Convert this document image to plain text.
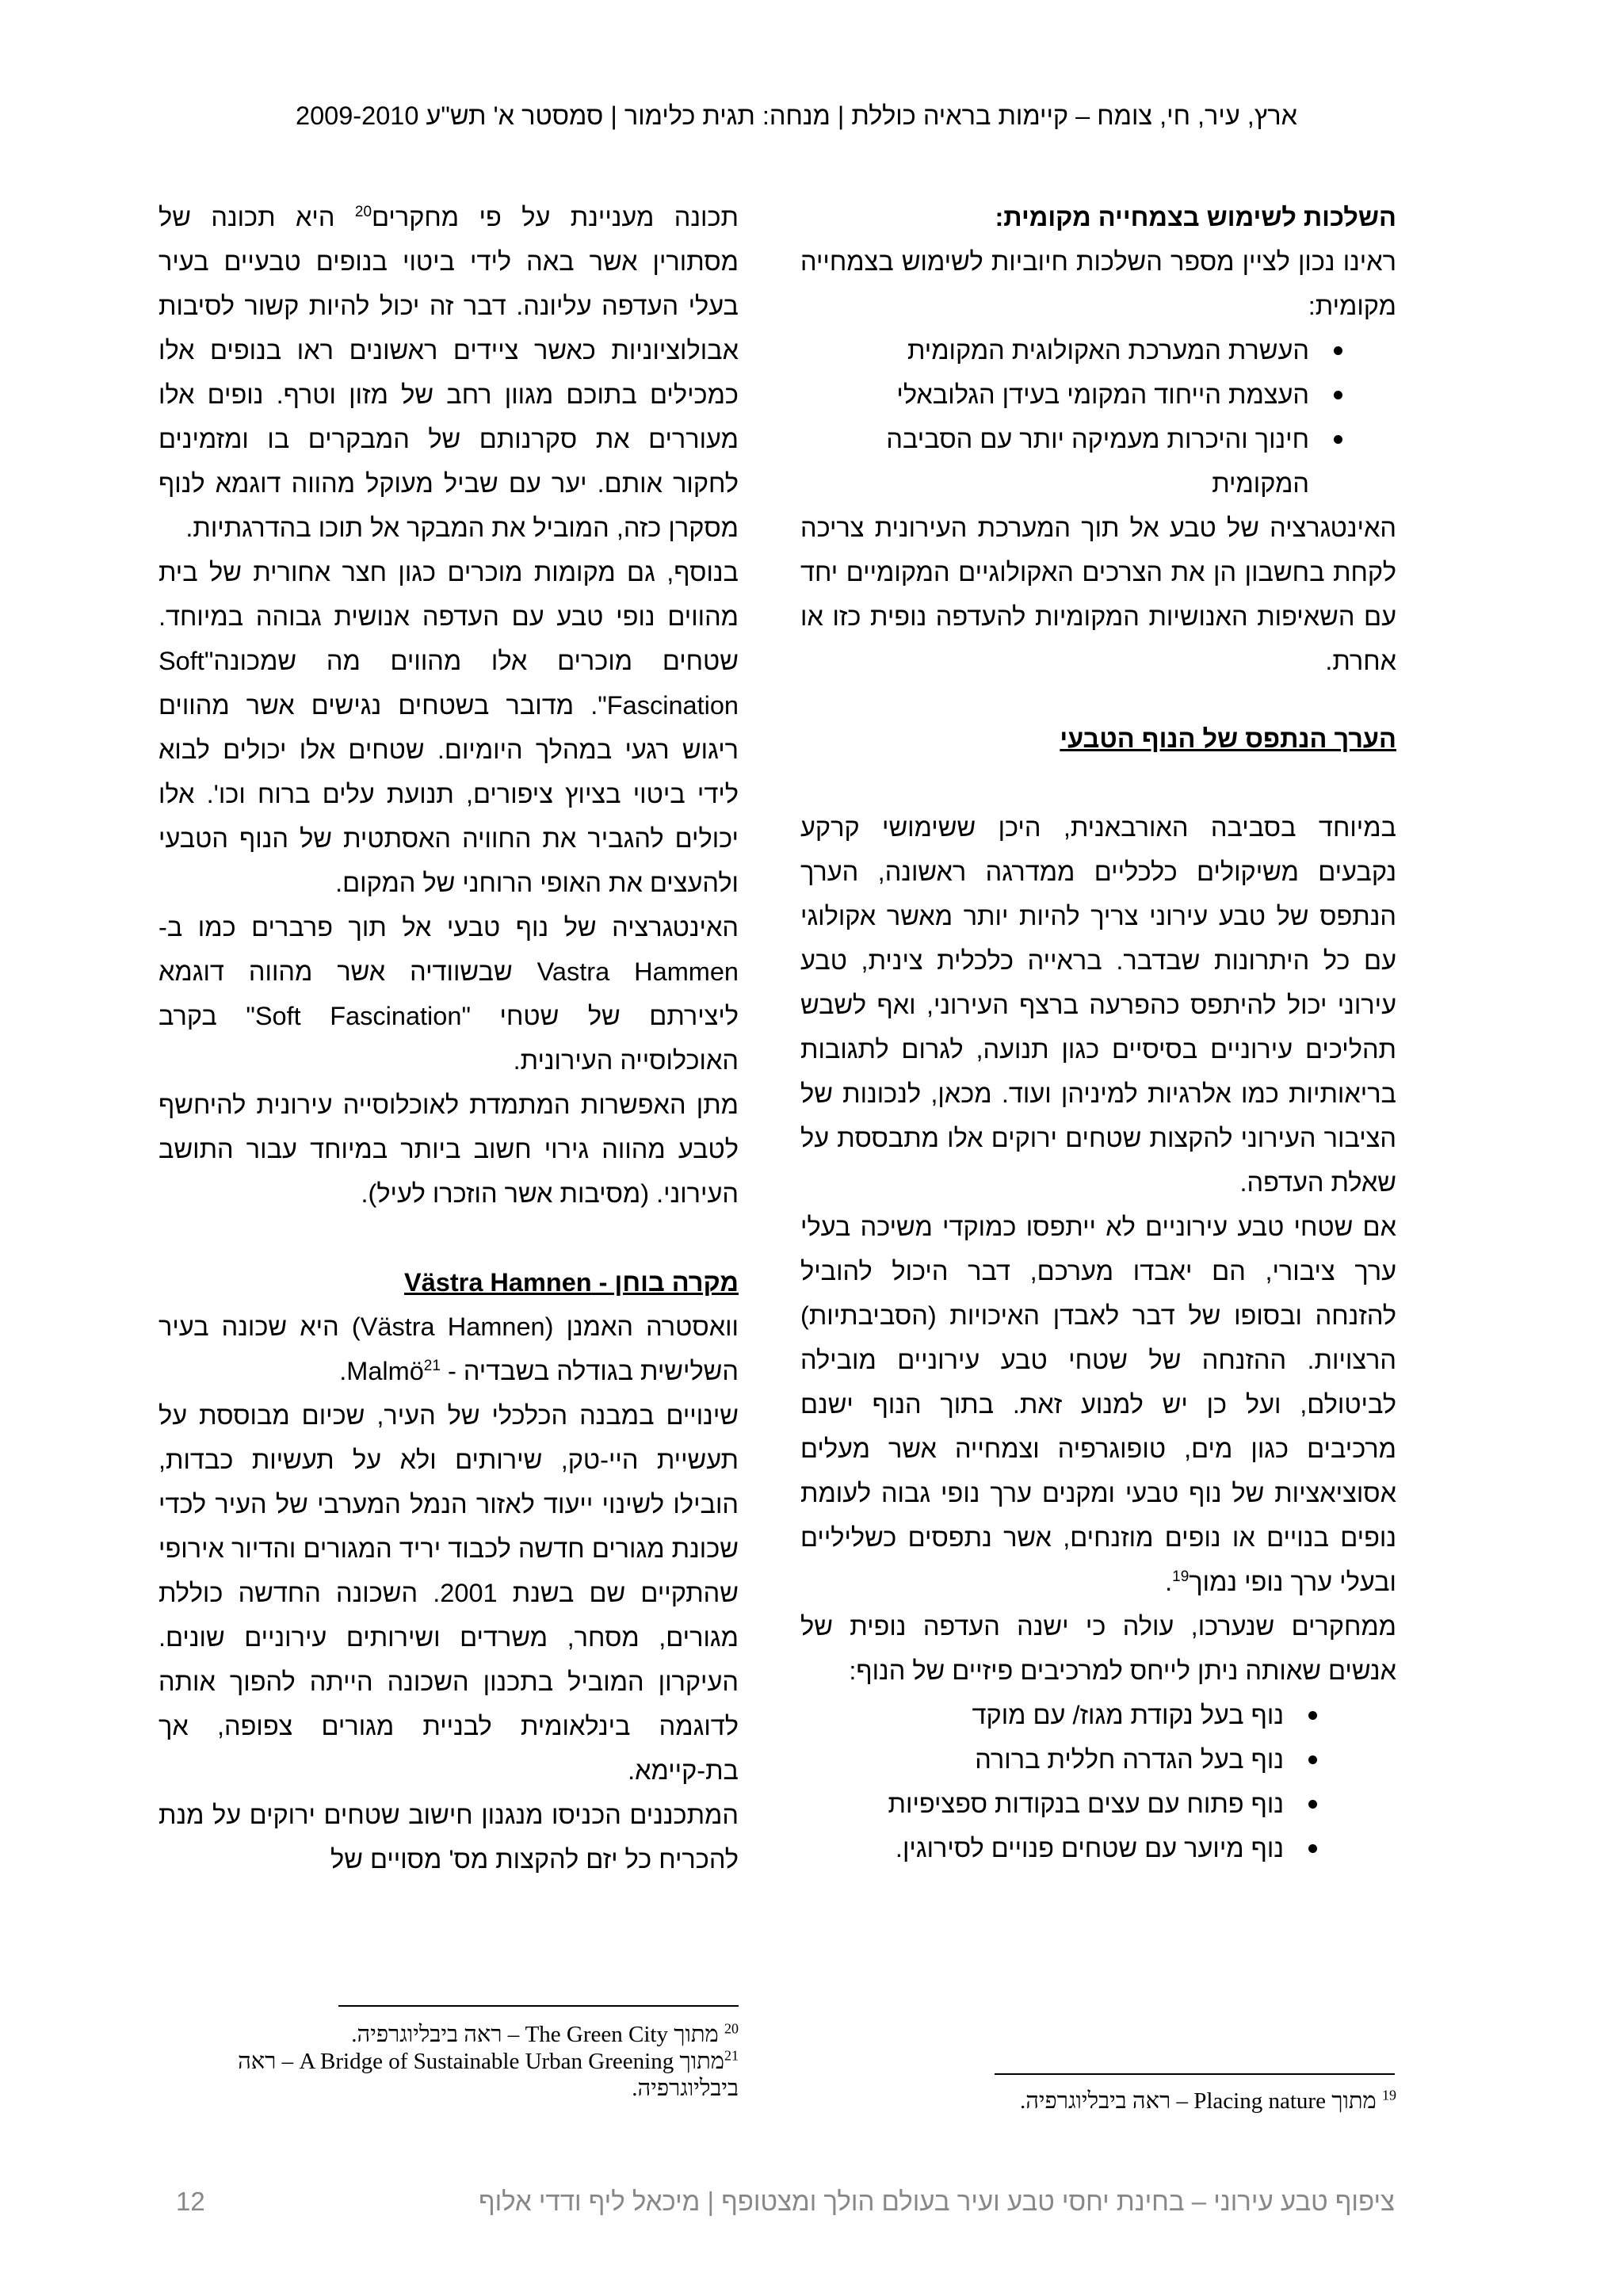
ארץ, עיר, חי, צומח – קיימות בראיה כוללת | מנחה: תגית כלימור | סמסטר א' תש"ע 2009-2010

השלכות לשימוש בצמחייה מקומית:

ראינו נכון לציין מספר השלכות חיוביות לשימוש בצמחייה מקומית:

העשרת המערכת האקולוגית המקומית
העצמת הייחוד המקומי בעידן הגלובאלי
חינוך והיכרות מעמיקה יותר עם הסביבה המקומית

האינטגרציה של טבע אל תוך המערכת העירונית צריכה לקחת בחשבון הן את הצרכים האקולוגיים המקומיים יחד עם השאיפות האנושיות המקומיות להעדפה נופית כזו או אחרת.

הערך הנתפס של הנוף הטבעי

במיוחד בסביבה האורבאנית, היכן ששימושי קרקע נקבעים משיקולים כלכליים ממדרגה ראשונה, הערך הנתפס של טבע עירוני צריך להיות יותר מאשר אקולוגי עם כל היתרונות שבדבר. בראייה כלכלית צינית, טבע עירוני יכול להיתפס כהפרעה ברצף העירוני, ואף לשבש תהליכים עירוניים בסיסיים כגון תנועה, לגרום לתגובות בריאותיות כמו אלרגיות למיניהן ועוד. מכאן, לנכונות של הציבור העירוני להקצות שטחים ירוקים אלו מתבססת על שאלת העדפה.

אם שטחי טבע עירוניים לא ייתפסו כמוקדי משיכה בעלי ערך ציבורי, הם יאבדו מערכם, דבר היכול להוביל להזנחה ובסופו של דבר לאבדן האיכויות (הסביבתיות) הרצויות. ההזנחה של שטחי טבע עירוניים מובילה לביטולם, ועל כן יש למנוע זאת. בתוך הנוף ישנם מרכיבים כגון מים, טופוגרפיה וצמחייה אשר מעלים אסוציאציות של נוף טבעי ומקנים ערך נופי גבוה לעומת נופים בנויים או נופים מוזנחים, אשר נתפסים כשליליים ובעלי ערך נופי נמוך$^{19}$.

ממחקרים שנערכו, עולה כי ישנה העדפה נופית של אנשים שאותה ניתן לייחס למרכיבים פיזיים של הנוף:

נוף בעל נקודת מגוז/ עם מוקד
נוף בעל הגדרה חללית ברורה
נוף פתוח עם עצים בנקודות ספציפיות
נוף מיוער עם שטחים פנויים לסירוגין.

$^{19}$ מתוך Placing nature – ראה ביבליוגרפיה.

תכונה מעניינת על פי מחקרים$^{20}$ היא תכונה של מסתורין אשר באה לידי ביטוי בנופים טבעיים בעיר בעלי העדפה עליונה. דבר זה יכול להיות קשור לסיבות אבולוציוניות כאשר ציידים ראשונים ראו בנופים אלו כמכילים בתוכם מגוון רחב של מזון וטרף. נופים אלו מעוררים את סקרנותם של המבקרים בו ומזמינים לחקור אותם. יער עם שביל מעוקל מהווה דוגמא לנוף מסקרן כזה, המוביל את המבקר אל תוכו בהדרגתיות.

בנוסף, גם מקומות מוכרים כגון חצר אחורית של בית מהווים נופי טבע עם העדפה אנושית גבוהה במיוחד. שטחים מוכרים אלו מהווים מה שמכונה"Soft Fascination". מדובר בשטחים נגישים אשר מהווים ריגוש רגעי במהלך היומיום. שטחים אלו יכולים לבוא לידי ביטוי בציוץ ציפורים, תנועת עלים ברוח וכו'. אלו יכולים להגביר את החוויה האסתטית של הנוף הטבעי ולהעצים את האופי הרוחני של המקום.

האינטגרציה של נוף טבעי אל תוך פרברים כמו ב- Vastra Hammen שבשוודיה אשר מהווה דוגמא ליצירתם של שטחי "Soft Fascination" בקרב האוכלוסייה העירונית.

מתן האפשרות המתמדת לאוכלוסייה עירונית להיחשף לטבע מהווה גירוי חשוב ביותר במיוחד עבור התושב העירוני. (מסיבות אשר הוזכרו לעיל).

מקרה בוחן - Västra Hamnen

וואסטרה האמנן (Västra Hamnen) היא שכונה בעיר השלישית בגודלה בשבדיה - Malmö$^{21}$.

שינויים במבנה הכלכלי של העיר, שכיום מבוססת על תעשיית היי-טק, שירותים ולא על תעשיות כבדות, הובילו לשינוי ייעוד לאזור הנמל המערבי של העיר לכדי שכונת מגורים חדשה לכבוד יריד המגורים והדיור אירופי שהתקיים שם בשנת 2001. השכונה החדשה כוללת מגורים, מסחר, משרדים ושירותים עירוניים שונים. העיקרון המוביל בתכנון השכונה הייתה להפוך אותה לדוגמה בינלאומית לבניית מגורים צפופה, אך בת-קיימא.

המתכננים הכניסו מנגנון חישוב שטחים ירוקים על מנת להכריח כל יזם להקצות מס' מסויים של

$^{20}$ מתוך The Green City – ראה ביבליוגרפיה.

$^{21}$מתוך A Bridge of Sustainable Urban Greening – ראה ביבליוגרפיה.

ציפוף טבע עירוני – בחינת יחסי טבע ועיר בעולם הולך ומצטופף | מיכאל ליף ודדי אלוף
12
